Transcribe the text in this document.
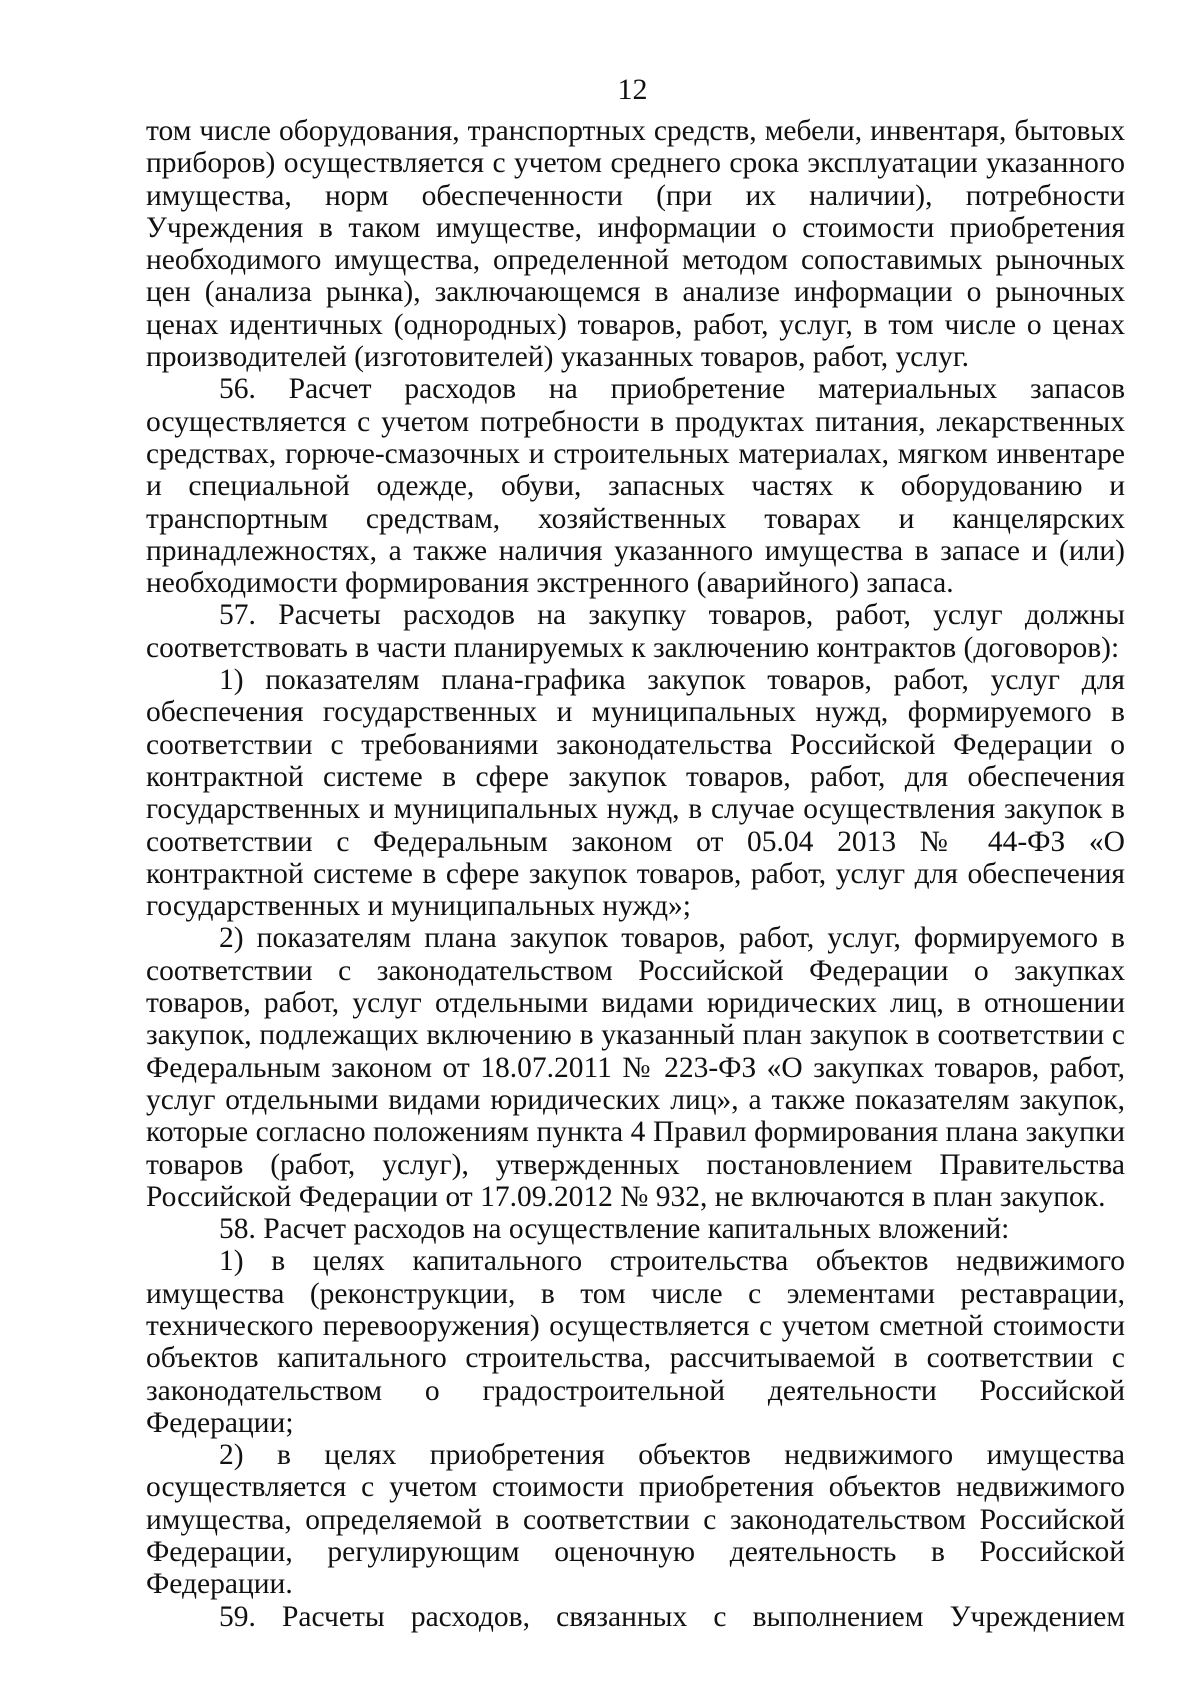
12

том числе оборудования, транспортных средств, мебели, инвентаря, бытовых приборов) осуществляется с учетом среднего срока эксплуатации указанного имущества, норм обеспеченности (при их наличии), потребности Учреждения в таком имуществе, информации о стоимости приобретения необходимого имущества, определенной методом сопоставимых рыночных цен (анализа рынка), заключающемся в анализе информации о рыночных ценах идентичных (однородных) товаров, работ, услуг, в том числе о ценах производителей (изготовителей) указанных товаров, работ, услуг.

56. Расчет расходов на приобретение материальных запасов осуществляется с учетом потребности в продуктах питания, лекарственных средствах, горюче-смазочных и строительных материалах, мягком инвентаре и специальной одежде, обуви, запасных частях к оборудованию и транспортным средствам, хозяйственных товарах и канцелярских принадлежностях, а также наличия указанного имущества в запасе и (или) необходимости формирования экстренного (аварийного) запаса.

57. Расчеты расходов на закупку товаров, работ, услуг должны соответствовать в части планируемых к заключению контрактов (договоров):

1) показателям плана-графика закупок товаров, работ, услуг для обеспечения государственных и муниципальных нужд, формируемого в соответствии с требованиями законодательства Российской Федерации о контрактной системе в сфере закупок товаров, работ, для обеспечения государственных и муниципальных нужд, в случае осуществления закупок в соответствии с Федеральным законом от 05.04 2013 № 44-ФЗ «О контрактной системе в сфере закупок товаров, работ, услуг для обеспечения государственных и муниципальных нужд»;

2) показателям плана закупок товаров, работ, услуг, формируемого в соответствии с законодательством Российской Федерации о закупках товаров, работ, услуг отдельными видами юридических лиц, в отношении закупок, подлежащих включению в указанный план закупок в соответствии с Федеральным законом от 18.07.2011 № 223-ФЗ «О закупках товаров, работ, услуг отдельными видами юридических лиц», а также показателям закупок, которые согласно положениям пункта 4 Правил формирования плана закупки товаров (работ, услуг), утвержденных постановлением Правительства Российской Федерации от 17.09.2012 № 932, не включаются в план закупок.

58. Расчет расходов на осуществление капитальных вложений:

1) в целях капитального строительства объектов недвижимого имущества (реконструкции, в том числе с элементами реставрации, технического перевооружения) осуществляется с учетом сметной стоимости объектов капитального строительства, рассчитываемой в соответствии с законодательством о градостроительной деятельности Российской Федерации;

2) в целях приобретения объектов недвижимого имущества осуществляется с учетом стоимости приобретения объектов недвижимого имущества, определяемой в соответствии с законодательством Российской Федерации, регулирующим оценочную деятельность в Российской Федерации.

59. Расчеты расходов, связанных с выполнением Учреждением
